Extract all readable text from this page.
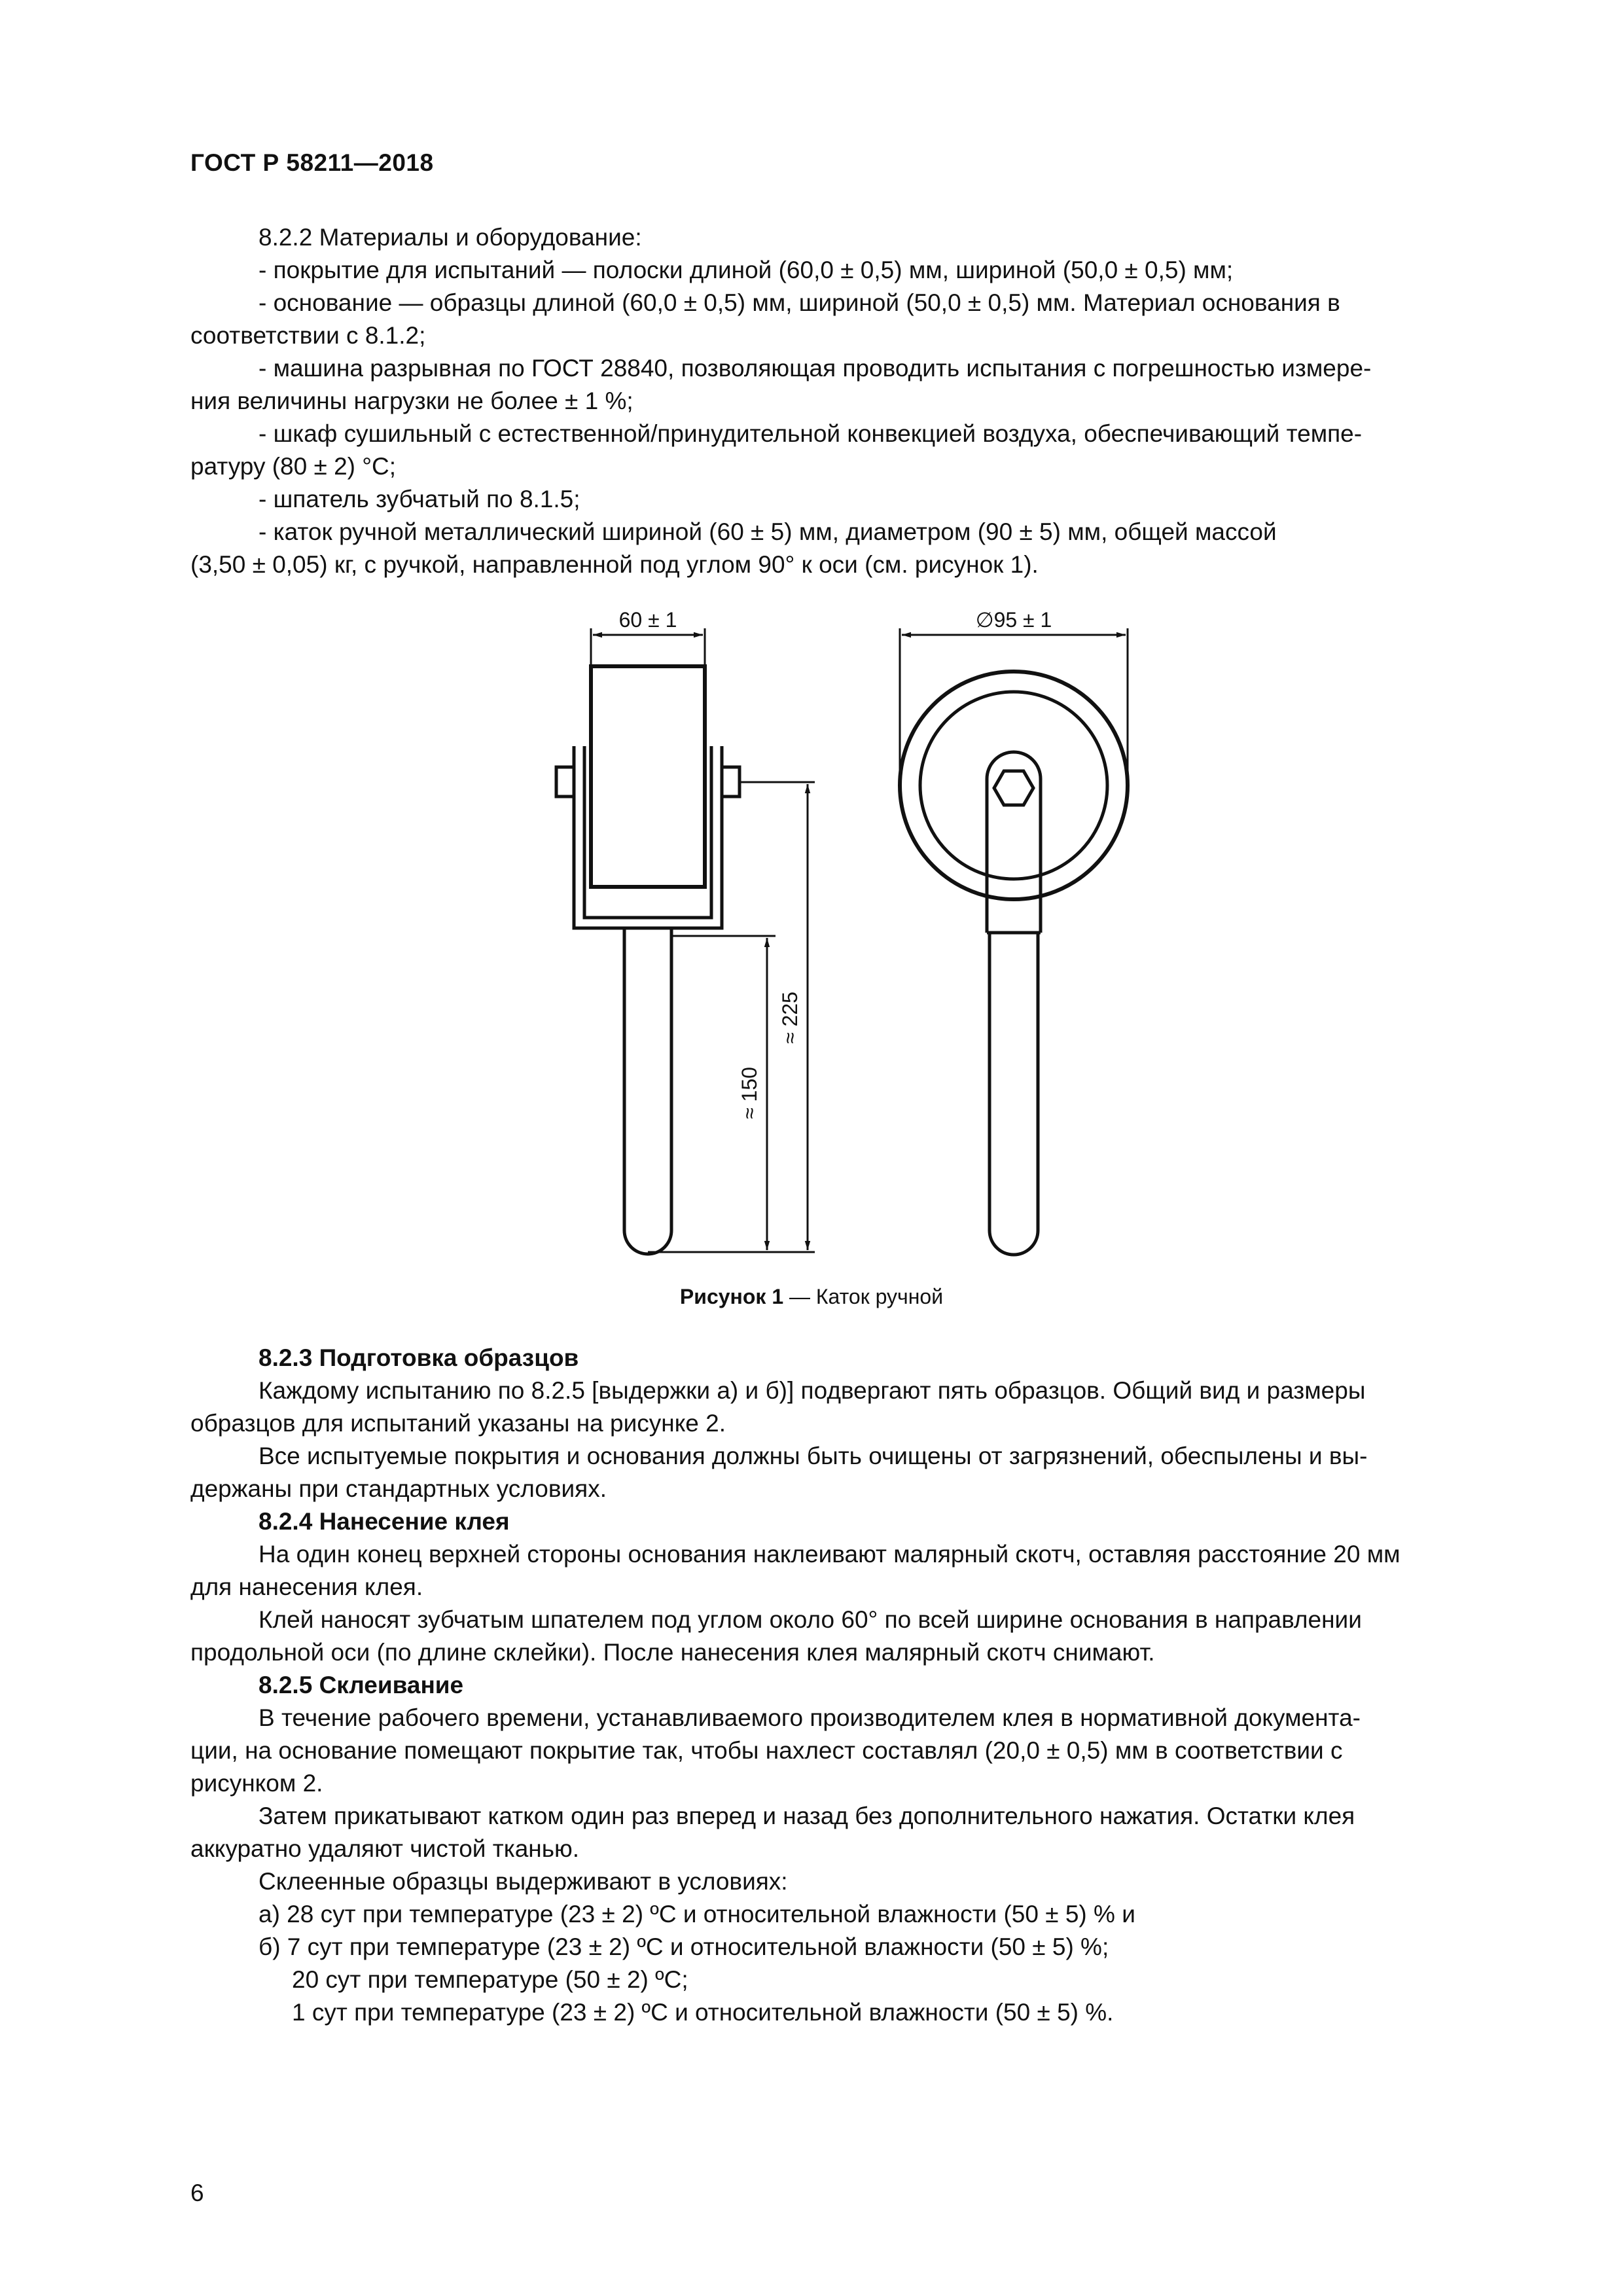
ГОСТ Р 58211—2018
8.2.2 Материалы и оборудование:
- покрытие для испытаний — полоски длиной (60,0 ± 0,5) мм, шириной (50,0 ± 0,5) мм;
- основание — образцы длиной (60,0 ± 0,5) мм, шириной (50,0 ± 0,5) мм. Материал основания в
соответствии с 8.1.2;
- машина разрывная по ГОСТ 28840, позволяющая проводить испытания с погрешностью измере-
ния величины нагрузки не более ± 1 %;
- шкаф сушильный с естественной/принудительной конвекцией воздуха, обеспечивающий темпе-
ратуру (80 ± 2) °С;
- шпатель зубчатый по 8.1.5;
- каток ручной металлический шириной (60 ± 5) мм, диаметром (90 ± 5) мм, общей массой
(3,50 ± 0,05) кг, с ручкой, направленной под углом 90° к оси (см. рисунок 1).
60 ± 1	∅95 ± 1
≈ 225
≈ 150
Рисунок 1 — Каток ручной
8.2.3 Подготовка образцов
Каждому испытанию по 8.2.5 [выдержки а) и б)] подвергают пять образцов. Общий вид и размеры
образцов для испытаний указаны на рисунке 2.
Все испытуемые покрытия и основания должны быть очищены от загрязнений, обеспылены и вы-
держаны при стандартных условиях.
8.2.4 Нанесение клея
На один конец верхней стороны основания наклеивают малярный скотч, оставляя расстояние 20 мм
для нанесения клея.
Клей наносят зубчатым шпателем под углом около 60° по всей ширине основания в направлении
продольной оси (по длине склейки). После нанесения клея малярный скотч снимают.
8.2.5 Склеивание
В течение рабочего времени, устанавливаемого производителем клея в нормативной документа-
ции, на основание помещают покрытие так, чтобы нахлест составлял (20,0 ± 0,5) мм в соответствии с
рисунком 2.
Затем прикатывают катком один раз вперед и назад без дополнительного нажатия. Остатки клея
аккуратно удаляют чистой тканью.
Склеенные образцы выдерживают в условиях:
а) 28 сут при температуре (23 ± 2) ºС и относительной влажности (50 ± 5) % и
б) 7 сут при температуре (23 ± 2) ºС и относительной влажности (50 ± 5) %;
20 сут при температуре (50 ± 2) ºС;
1 сут при температуре (23 ± 2) ºС и относительной влажности (50 ± 5) %.
6
